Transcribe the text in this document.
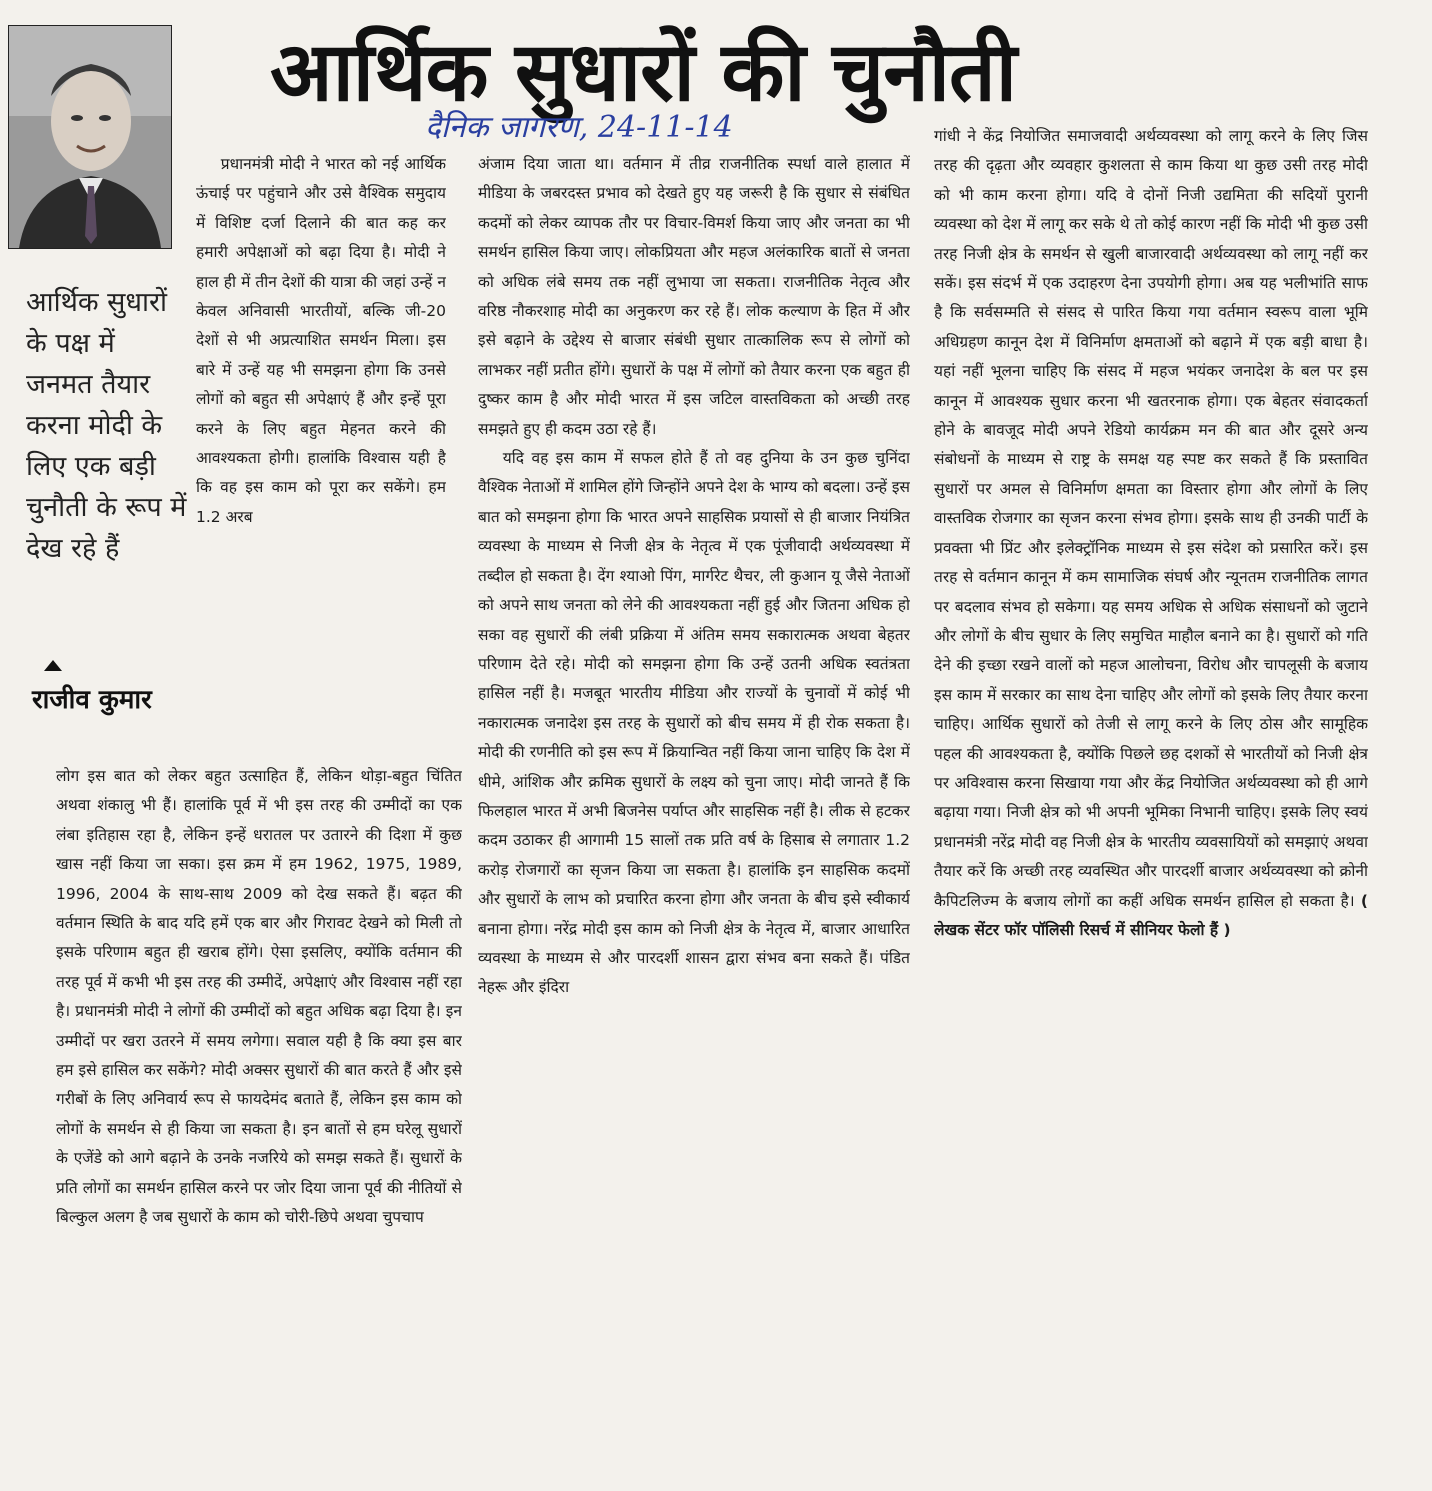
आर्थिक सुधारों की चुनौती
दैनिक जागरण, 24-11-14
आर्थिक सुधारों के पक्ष में जनमत तैयार करना मोदी के लिए एक बड़ी चुनौती के रूप में देख रहे हैं
राजीव कुमार

प्रधानमंत्री मोदी ने भारत को नई आर्थिक ऊंचाई पर पहुंचाने और उसे वैश्विक समुदाय में विशिष्ट दर्जा दिलाने की बात कह कर हमारी अपेक्षाओं को बढ़ा दिया है। मोदी ने हाल ही में तीन देशों की यात्रा की जहां उन्हें न केवल अनिवासी भारतीयों, बल्कि जी-20 देशों से भी अप्रत्याशित समर्थन मिला। इस बारे में उन्हें यह भी समझना होगा कि उनसे लोगों को बहुत सी अपेक्षाएं हैं और इन्हें पूरा करने के लिए बहुत मेहनत करने की आवश्यकता होगी। हालांकि विश्वास यही है कि वह इस काम को पूरा कर सकेंगे। हम 1.2 अरब

लोग इस बात को लेकर बहुत उत्साहित हैं, लेकिन थोड़ा-बहुत चिंतित अथवा शंकालु भी हैं। हालांकि पूर्व में भी इस तरह की उम्मीदों का एक लंबा इतिहास रहा है, लेकिन इन्हें धरातल पर उतारने की दिशा में कुछ खास नहीं किया जा सका। इस क्रम में हम 1962, 1975, 1989, 1996, 2004 के साथ-साथ 2009 को देख सकते हैं। बढ़त की वर्तमान स्थिति के बाद यदि हमें एक बार और गिरावट देखने को मिली तो इसके परिणाम बहुत ही खराब होंगे। ऐसा इसलिए, क्योंकि वर्तमान की तरह पूर्व में कभी भी इस तरह की उम्मीदें, अपेक्षाएं और विश्वास नहीं रहा है। प्रधानमंत्री मोदी ने लोगों की उम्मीदों को बहुत अधिक बढ़ा दिया है। इन उम्मीदों पर खरा उतरने में समय लगेगा। सवाल यही है कि क्या इस बार हम इसे हासिल कर सकेंगे? मोदी अक्सर सुधारों की बात करते हैं और इसे गरीबों के लिए अनिवार्य रूप से फायदेमंद बताते हैं, लेकिन इस काम को लोगों के समर्थन से ही किया जा सकता है। इन बातों से हम घरेलू सुधारों के एजेंडे को आगे बढ़ाने के उनके नजरिये को समझ सकते हैं। सुधारों के प्रति लोगों का समर्थन हासिल करने पर जोर दिया जाना पूर्व की नीतियों से बिल्कुल अलग है जब सुधारों के काम को चोरी-छिपे अथवा चुपचाप

अंजाम दिया जाता था। वर्तमान में तीव्र राजनीतिक स्पर्धा वाले हालात में मीडिया के जबरदस्त प्रभाव को देखते हुए यह जरूरी है कि सुधार से संबंधित कदमों को लेकर व्यापक तौर पर विचार-विमर्श किया जाए और जनता का भी समर्थन हासिल किया जाए। लोकप्रियता और महज अलंकारिक बातों से जनता को अधिक लंबे समय तक नहीं लुभाया जा सकता। राजनीतिक नेतृत्व और वरिष्ठ नौकरशाह मोदी का अनुकरण कर रहे हैं। लोक कल्याण के हित में और इसे बढ़ाने के उद्देश्य से बाजार संबंधी सुधार तात्कालिक रूप से लोगों को लाभकर नहीं प्रतीत होंगे। सुधारों के पक्ष में लोगों को तैयार करना एक बहुत ही दुष्कर काम है और मोदी भारत में इस जटिल वास्तविकता को अच्छी तरह समझते हुए ही कदम उठा रहे हैं।

यदि वह इस काम में सफल होते हैं तो वह दुनिया के उन कुछ चुनिंदा वैश्विक नेताओं में शामिल होंगे जिन्होंने अपने देश के भाग्य को बदला। उन्हें इस बात को समझना होगा कि भारत अपने साहसिक प्रयासों से ही बाजार नियंत्रित व्यवस्था के माध्यम से निजी क्षेत्र के नेतृत्व में एक पूंजीवादी अर्थव्यवस्था में तब्दील हो सकता है। देंग श्याओ पिंग, मार्गरेट थैचर, ली कुआन यू जैसे नेताओं को अपने साथ जनता को लेने की आवश्यकता नहीं हुई और जितना अधिक हो सका वह सुधारों की लंबी प्रक्रिया में अंतिम समय सकारात्मक अथवा बेहतर परिणाम देते रहे। मोदी को समझना होगा कि उन्हें उतनी अधिक स्वतंत्रता हासिल नहीं है। मजबूत भारतीय मीडिया और राज्यों के चुनावों में कोई भी नकारात्मक जनादेश इस तरह के सुधारों को बीच समय में ही रोक सकता है। मोदी की रणनीति को इस रूप में क्रियान्वित नहीं किया जाना चाहिए कि देश में धीमे, आंशिक और क्रमिक सुधारों के लक्ष्य को चुना जाए। मोदी जानते हैं कि फिलहाल भारत में अभी बिजनेस पर्याप्त और साहसिक नहीं है। लीक से हटकर कदम उठाकर ही आगामी 15 सालों तक प्रति वर्ष के हिसाब से लगातार 1.2 करोड़ रोजगारों का सृजन किया जा सकता है। हालांकि इन साहसिक कदमों और सुधारों के लाभ को प्रचारित करना होगा और जनता के बीच इसे स्वीकार्य बनाना होगा। नरेंद्र मोदी इस काम को निजी क्षेत्र के नेतृत्व में, बाजार आधारित व्यवस्था के माध्यम से और पारदर्शी शासन द्वारा संभव बना सकते हैं। पंडित नेहरू और इंदिरा

गांधी ने केंद्र नियोजित समाजवादी अर्थव्यवस्था को लागू करने के लिए जिस तरह की दृढ़ता और व्यवहार कुशलता से काम किया था कुछ उसी तरह मोदी को भी काम करना होगा। यदि वे दोनों निजी उद्यमिता की सदियों पुरानी व्यवस्था को देश में लागू कर सके थे तो कोई कारण नहीं कि मोदी भी कुछ उसी तरह निजी क्षेत्र के समर्थन से खुली बाजारवादी अर्थव्यवस्था को लागू नहीं कर सकें। इस संदर्भ में एक उदाहरण देना उपयोगी होगा। अब यह भलीभांति साफ है कि सर्वसम्मति से संसद से पारित किया गया वर्तमान स्वरूप वाला भूमि अधिग्रहण कानून देश में विनिर्माण क्षमताओं को बढ़ाने में एक बड़ी बाधा है। यहां नहीं भूलना चाहिए कि संसद में महज भयंकर जनादेश के बल पर इस कानून में आवश्यक सुधार करना भी खतरनाक होगा। एक बेहतर संवादकर्ता होने के बावजूद मोदी अपने रेडियो कार्यक्रम मन की बात और दूसरे अन्य संबोधनों के माध्यम से राष्ट्र के समक्ष यह स्पष्ट कर सकते हैं कि प्रस्तावित सुधारों पर अमल से विनिर्माण क्षमता का विस्तार होगा और लोगों के लिए वास्तविक रोजगार का सृजन करना संभव होगा। इसके साथ ही उनकी पार्टी के प्रवक्ता भी प्रिंट और इलेक्ट्रॉनिक माध्यम से इस संदेश को प्रसारित करें। इस तरह से वर्तमान कानून में कम सामाजिक संघर्ष और न्यूनतम राजनीतिक लागत पर बदलाव संभव हो सकेगा। यह समय अधिक से अधिक संसाधनों को जुटाने और लोगों के बीच सुधार के लिए समुचित माहौल बनाने का है। सुधारों को गति देने की इच्छा रखने वालों को महज आलोचना, विरोध और चापलूसी के बजाय इस काम में सरकार का साथ देना चाहिए और लोगों को इसके लिए तैयार करना चाहिए। आर्थिक सुधारों को तेजी से लागू करने के लिए ठोस और सामूहिक पहल की आवश्यकता है, क्योंकि पिछले छह दशकों से भारतीयों को निजी क्षेत्र पर अविश्वास करना सिखाया गया और केंद्र नियोजित अर्थव्यवस्था को ही आगे बढ़ाया गया। निजी क्षेत्र को भी अपनी भूमिका निभानी चाहिए। इसके लिए स्वयं प्रधानमंत्री नरेंद्र मोदी वह निजी क्षेत्र के भारतीय व्यवसायियों को समझाएं अथवा तैयार करें कि अच्छी तरह व्यवस्थित और पारदर्शी बाजार अर्थव्यवस्था को क्रोनी कैपिटलिज्म के बजाय लोगों का कहीं अधिक समर्थन हासिल हो सकता है। ( लेखक सेंटर फॉर पॉलिसी रिसर्च में सीनियर फेलो हैं )
